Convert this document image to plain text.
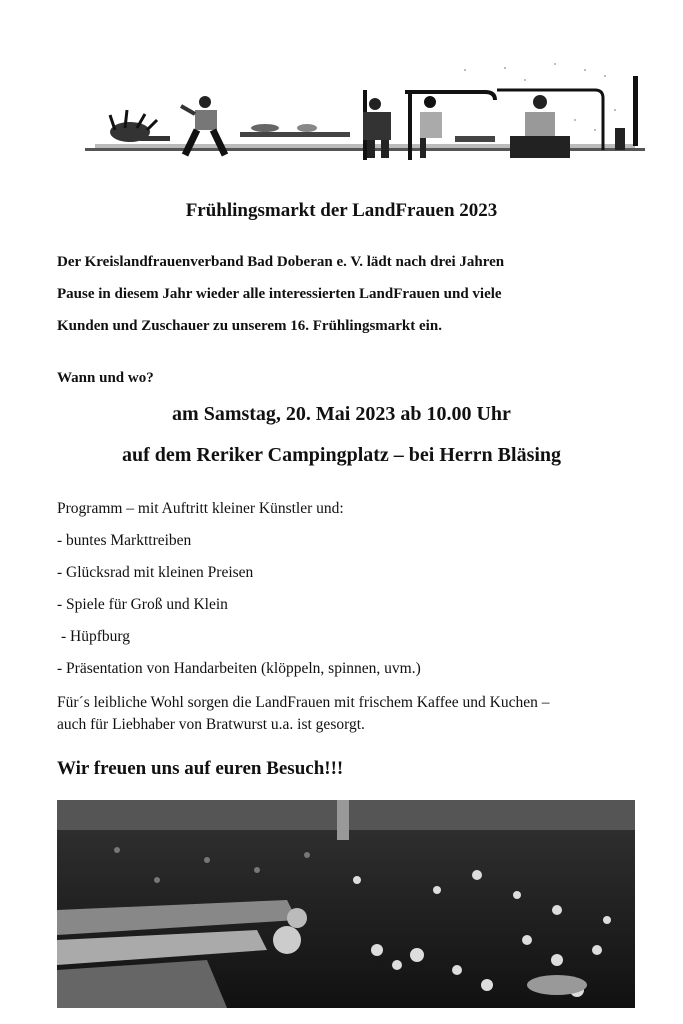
Frühlingsmarkt der LandFrauen 2023
Der Kreislandfrauenverband Bad Doberan e. V. lädt nach drei Jahren
Pause in diesem Jahr wieder alle interessierten LandFrauen und viele
Kunden und Zuschauer zu unserem 16. Frühlingsmarkt ein.
Wann und wo?
am Samstag, 20. Mai 2023 ab 10.00 Uhr
auf dem Reriker Campingplatz – bei Herrn Bläsing
Programm – mit Auftritt kleiner Künstler und:
- buntes Markttreiben
- Glücksrad mit kleinen Preisen
- Spiele für Groß und Klein
- Hüpfburg
- Präsentation von Handarbeiten (klöppeln, spinnen, uvm.)
Für´s leibliche Wohl sorgen die LandFrauen mit frischem Kaffee und Kuchen –
auch für Liebhaber von Bratwurst u.a. ist gesorgt.
Wir freuen uns auf euren Besuch!!!
